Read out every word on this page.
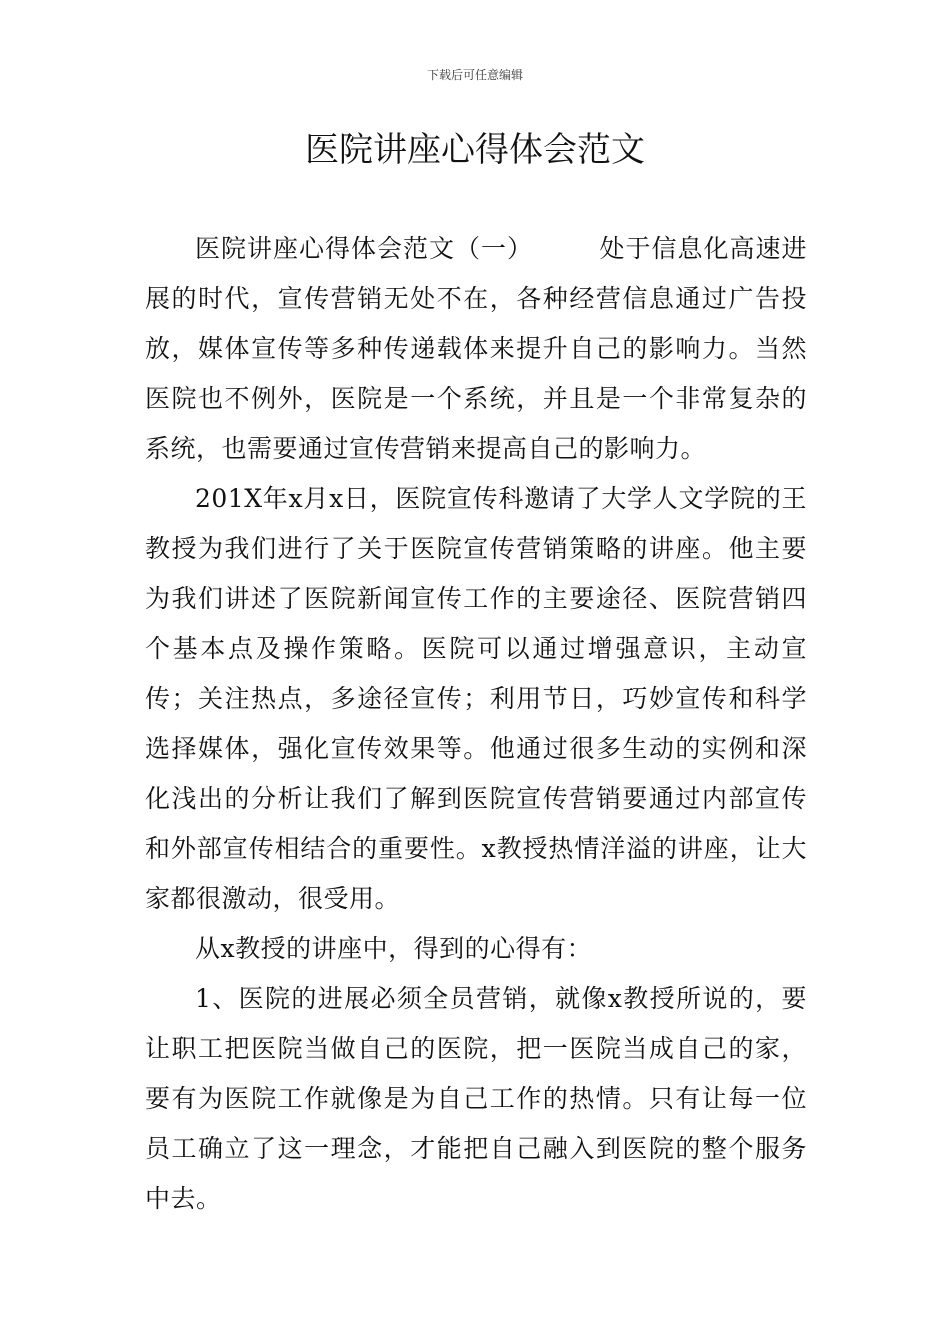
下载后可任意编辑
医院讲座心得体会范文

医院讲座心得体会范文（一）	处于信息化高速进展的时代，宣传营销无处不在，各种经营信息通过广告投放，媒体宣传等多种传递载体来提升自己的影响力。当然医院也不例外，医院是一个系统，并且是一个非常复杂的系统，也需要通过宣传营销来提高自己的影响力。

201X年x月x日，医院宣传科邀请了大学人文学院的王教授为我们进行了关于医院宣传营销策略的讲座。他主要为我们讲述了医院新闻宣传工作的主要途径、医院营销四个基本点及操作策略。医院可以通过增强意识，主动宣传；关注热点，多途径宣传；利用节日，巧妙宣传和科学选择媒体，强化宣传效果等。他通过很多生动的实例和深化浅出的分析让我们了解到医院宣传营销要通过内部宣传和外部宣传相结合的重要性。x教授热情洋溢的讲座，让大家都很激动，很受用。

从x教授的讲座中，得到的心得有：

1、医院的进展必须全员营销，就像x教授所说的，要让职工把医院当做自己的医院，把一医院当成自己的家，要有为医院工作就像是为自己工作的热情。只有让每一位员工确立了这一理念，才能把自己融入到医院的整个服务中去。
